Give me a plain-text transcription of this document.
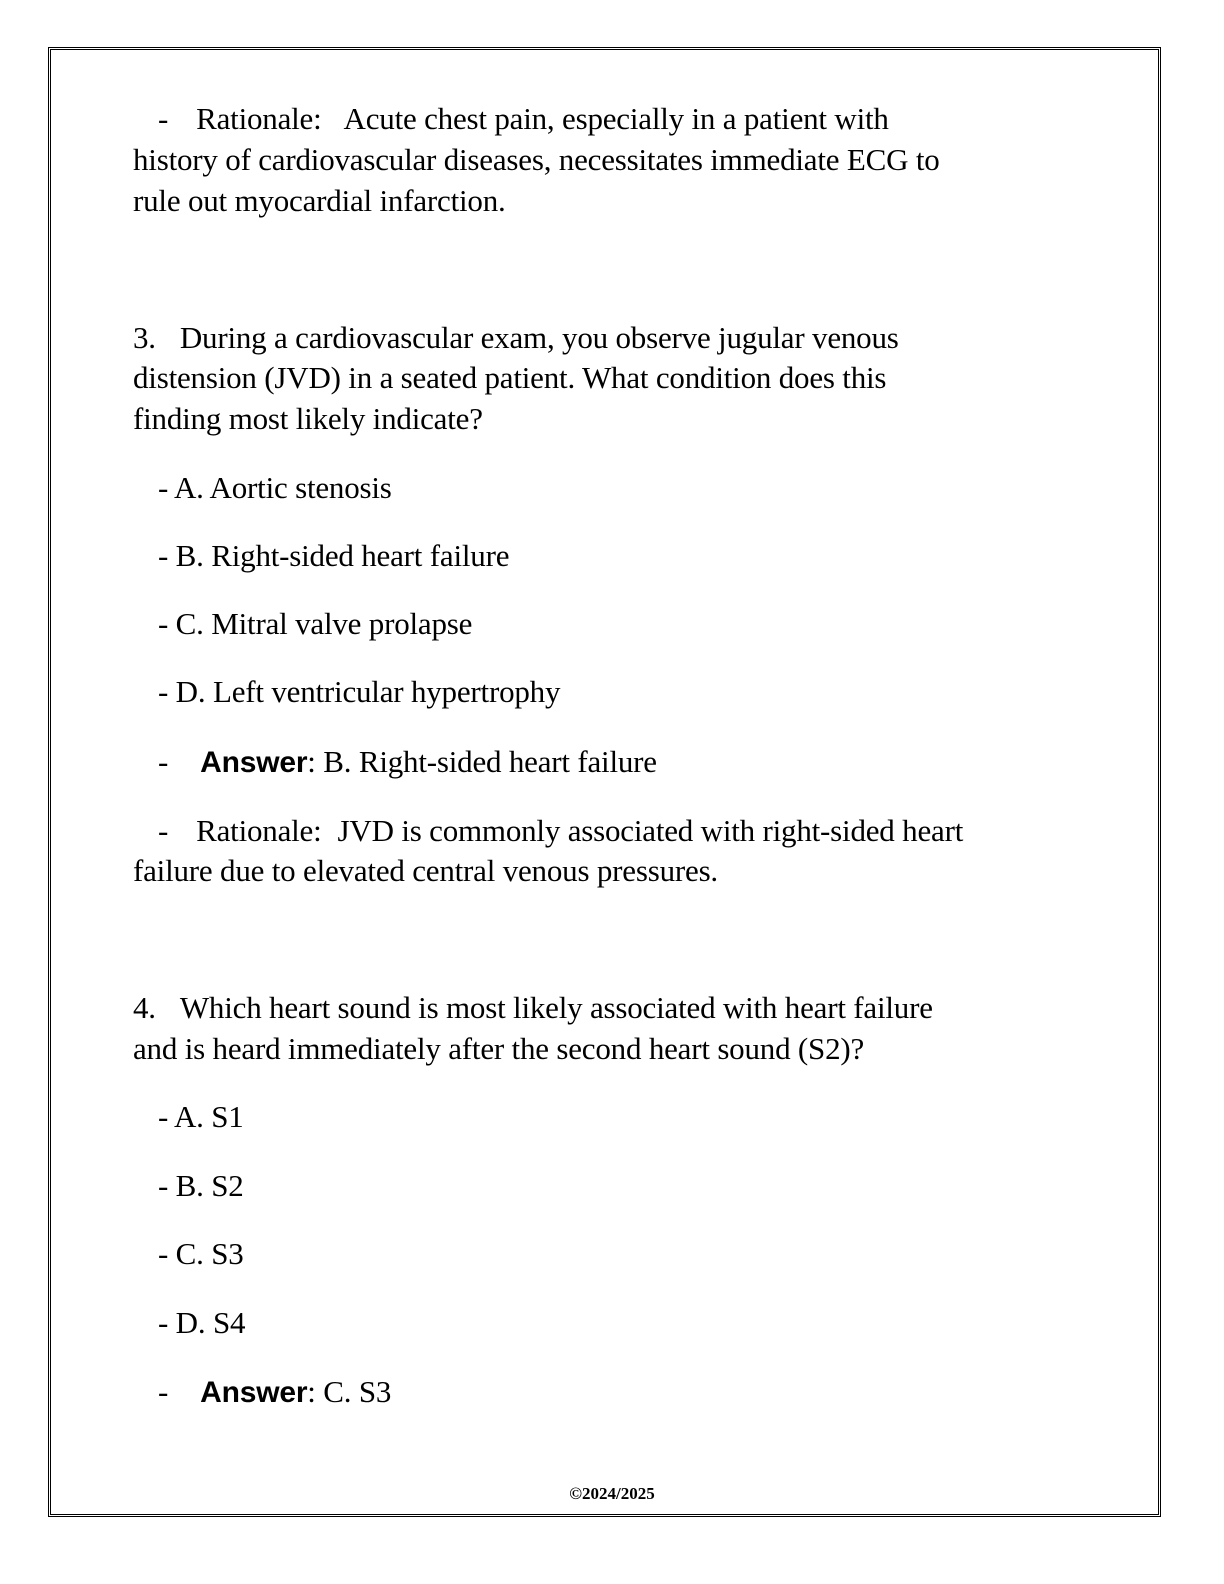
- Rationale: Acute chest pain, especially in a patient with
history of cardiovascular diseases, necessitates immediate ECG to
rule out myocardial infarction.
3. During a cardiovascular exam, you observe jugular venous
distension (JVD) in a seated patient. What condition does this
finding most likely indicate?
- A. Aortic stenosis
- B. Right-sided heart failure
- C. Mitral valve prolapse
- D. Left ventricular hypertrophy
- Answer: B. Right-sided heart failure
- Rationale: JVD is commonly associated with right-sided heart
failure due to elevated central venous pressures.
4. Which heart sound is most likely associated with heart failure
and is heard immediately after the second heart sound (S2)?
- A. S1
- B. S2
- C. S3
- D. S4
- Answer: C. S3
©2024/2025
